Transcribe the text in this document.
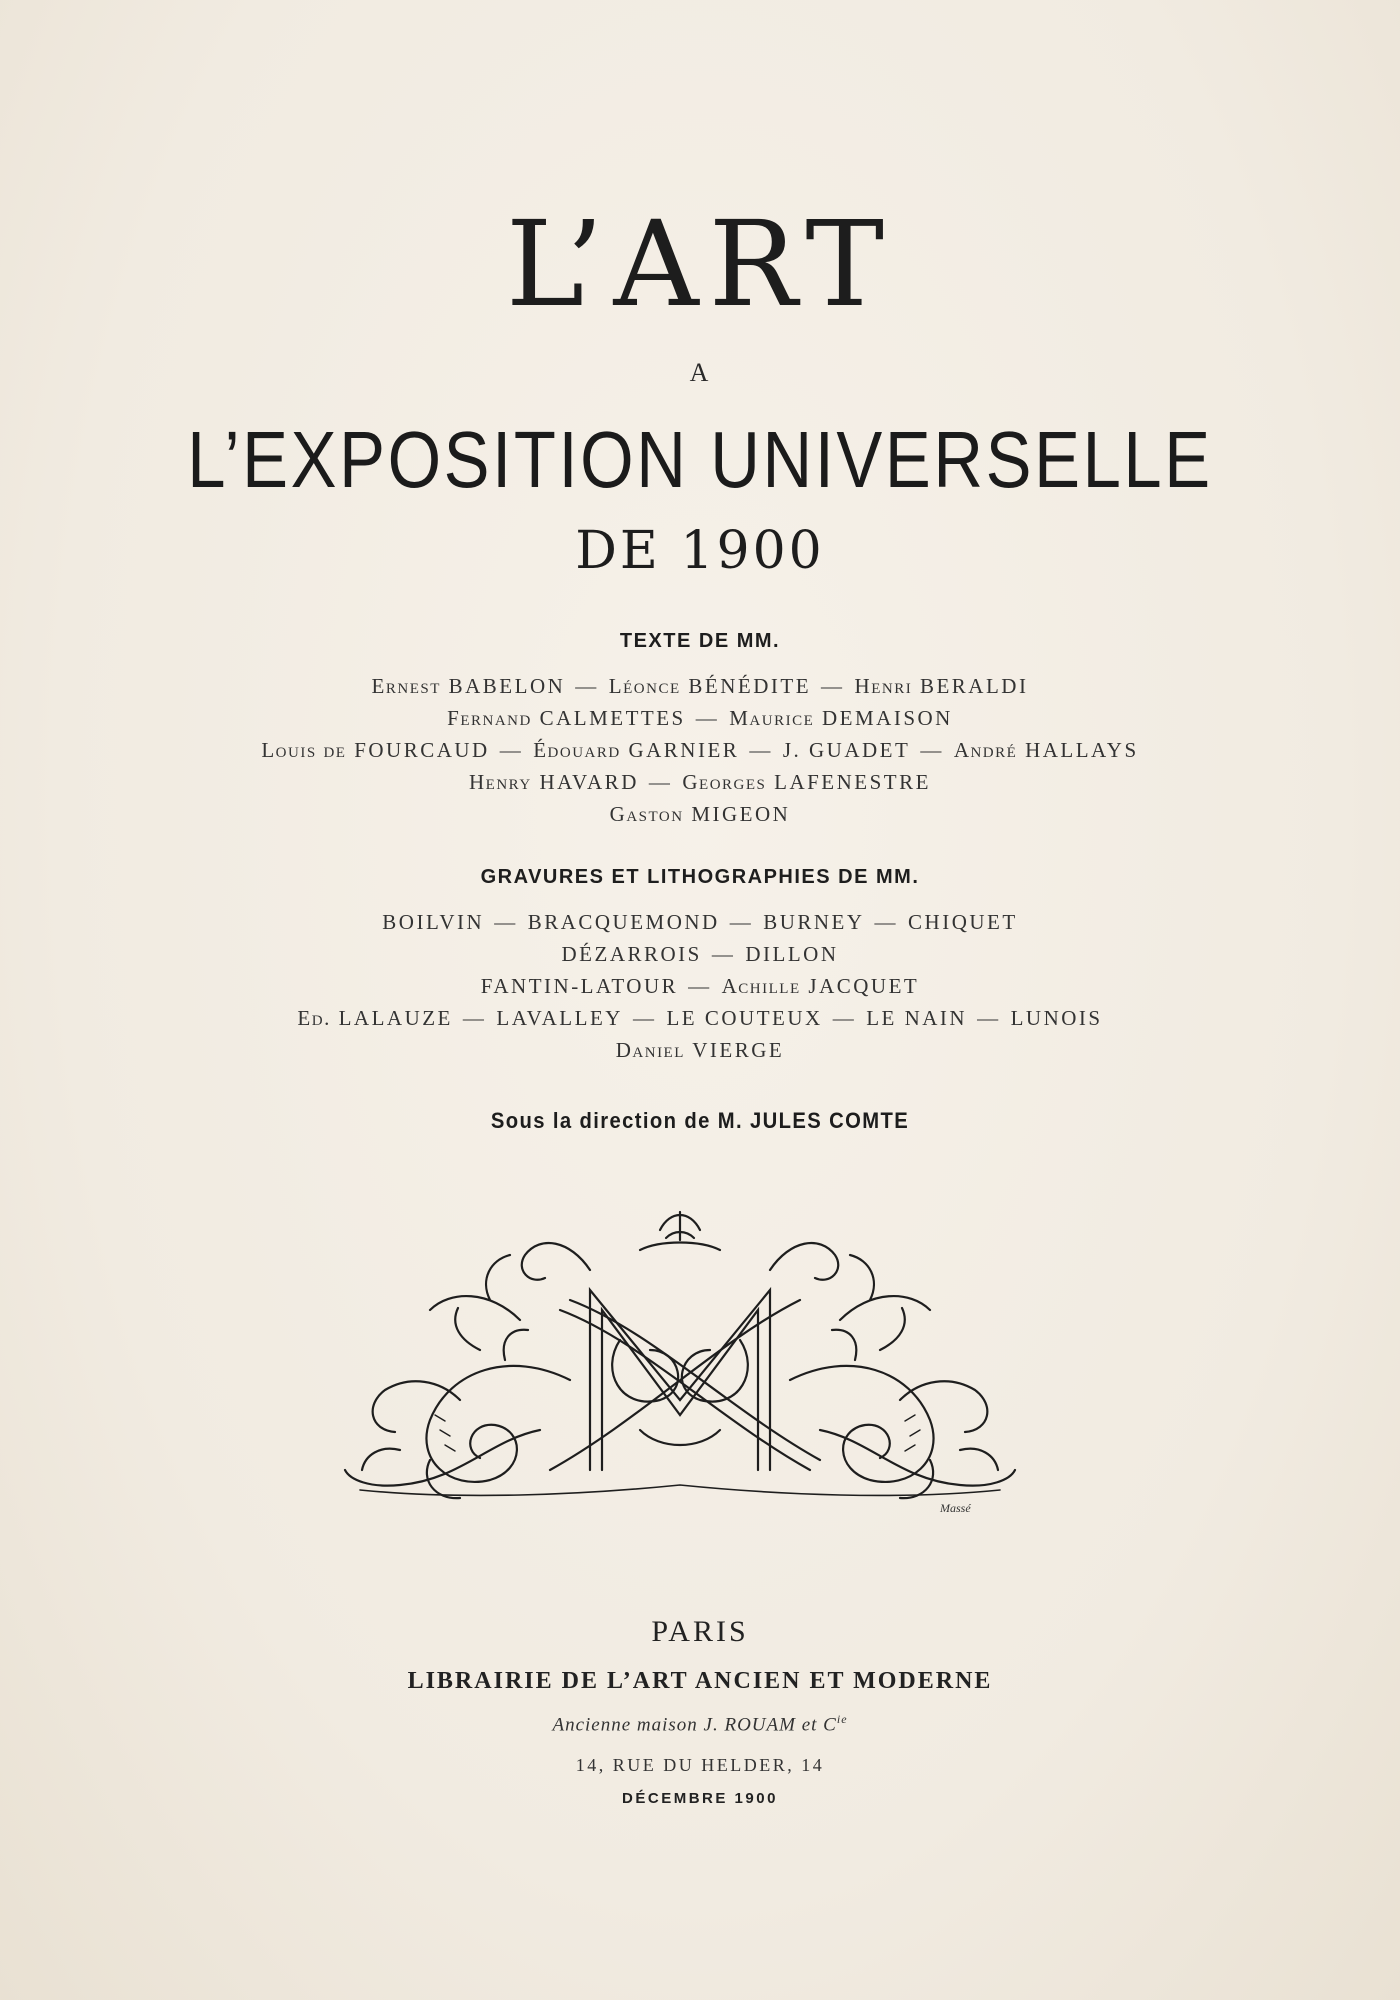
L’ART
A
L’EXPOSITION UNIVERSELLE
DE 1900
TEXTE DE MM.
Ernest BABELON — Léonce BÉNÉDITE — Henri BERALDI
Fernand CALMETTES — Maurice DEMAISON
Louis de FOURCAUD — Édouard GARNIER — J. GUADET — André HALLAYS
Henry HAVARD — Georges LAFENESTRE
Gaston MIGEON
GRAVURES ET LITHOGRAPHIES DE MM.
BOILVIN — BRACQUEMOND — BURNEY — CHIQUET
DÉZARROIS — DILLON
FANTIN-LATOUR — Achille JACQUET
Ed. LALAUZE — LAVALLEY — LE COUTEUX — LE NAIN — LUNOIS
Daniel VIERGE
Sous la direction de M. JULES COMTE
Massé
PARIS
LIBRAIRIE DE L’ART ANCIEN ET MODERNE
Ancienne maison J. ROUAM et $C^{ie}$
14, RUE DU HELDER, 14
DÉCEMBRE 1900
